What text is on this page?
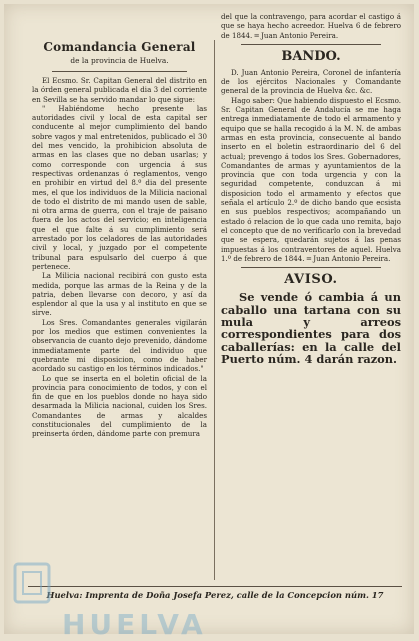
Comandancia General
de la provincia de Huelva.

El Ecsmo. Sr. Capitan General del distrito en la órden general publicada el dia 3 del corriente en Sevilla se ha servido mandar lo que sigue:

" Habiéndome hecho presente las autoridades civil y local de esta capital ser conducente al mejor cumplimiento del bando sobre vagos y mal entretenidos, publicado el 30 del mes vencido, la prohibicion absoluta de armas en las clases que no deban usarlas; y como corresponde con urgencia á sus respectivas ordenanzas ó reglamentos, vengo en prohibir en virtud del 8.º dia del presente mes, el que los individuos de la Milicia nacional de todo el distrito de mi mando usen de sable, ni otra arma de guerra, con el traje de paisano fuera de los actos del servicio; en inteligencia que el que falte á su cumplimiento será arrestado por los celadores de las autoridades civil y local, y juzgado por el competente tribunal para espulsarlo del cuerpo á que pertenece.

La Milicia nacional recibirá con gusto esta medida, porque las armas de la Reina y de la patria, deben llevarse con decoro, y así da esplendor al que la usa y al instituto en que se sirve.

Los Sres. Comandantes generales vigilarán por los medios que estimen convenientes la observancia de cuanto dejo prevenido, dándome inmediatamente parte del individuo que quebrante mi disposicion, como de haber acordado su castigo en los términos indicados."

Lo que se inserta en el boletin oficial de la provincia para conocimiento de todos, y con el fin de que en los pueblos donde no haya sido desarmada la Milicia nacional, cuiden los Sres. Comandantes de armas y alcaldes constitucionales del cumplimiento de la preinserta órden, dándome parte con premura

del que la contravengo, para acordar el castigo á que se haya hecho acreedor. Huelva 6 de febrero de 1844. ═ Juan Antonio Pereira.

BANDO.

D. Juan Antonio Pereira, Coronel de infantería de los ejércitos Nacionales y Comandante general de la provincia de Huelva &c. &c.

Hago saber: Que habiendo dispuesto el Ecsmo. Sr. Capitan General de Andalucía se me haga entrega inmediatamente de todo el armamento y equipo que se halla recogido á la M. N. de ambas armas en esta provincia, consecuente al bando inserto en el boletin estraordinario del 6 del actual; prevengo á todos los Sres. Gobernadores, Comandantes de armas y ayuntamientos de la provincia que con toda urgencia y con la seguridad competente, conduzcan á mi disposicion todo el armamento y efectos que señala el artículo 2.º de dicho bando que ecsista en sus pueblos respectivos; acompañando un estado ó relacion de lo que cada uno remita, bajo el concepto que de no verificarlo con la brevedad que se espera, quedarán sujetos á las penas impuestas á los contraventores de aquel. Huelva 1.º de febrero de 1844. ═ Juan Antonio Pereira.

AVISO.

Se vende ó cambia á un caballo una tartana con su mula y arreos correspondientes para dos caballerías: en la calle del Puerto núm. 4 darán razon.

Huelva: Imprenta de Doña Josefa Perez, calle de la Concepcion núm. 17
HUELVA
